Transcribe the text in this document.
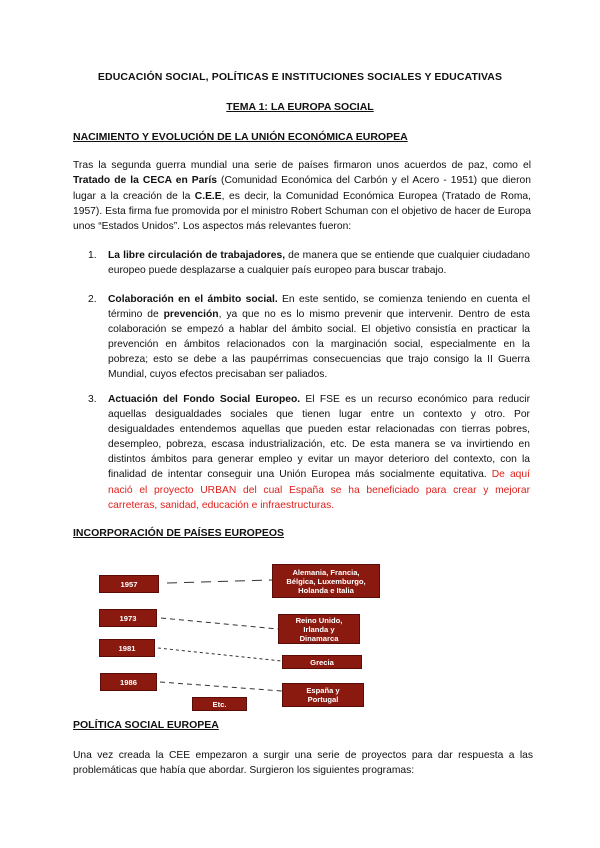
EDUCACIÓN SOCIAL, POLÍTICAS E INSTITUCIONES SOCIALES Y EDUCATIVAS
TEMA 1: LA EUROPA SOCIAL
NACIMIENTO Y EVOLUCIÓN DE LA UNIÓN ECONÓMICA EUROPEA
Tras la segunda guerra mundial una serie de países firmaron unos acuerdos de paz, como el Tratado de la CECA en París (Comunidad Económica del Carbón y el Acero - 1951) que dieron lugar a la creación de la C.E.E, es decir, la Comunidad Económica Europea (Tratado de Roma, 1957). Esta firma fue promovida por el ministro Robert Schuman con el objetivo de hacer de Europa unos “Estados Unidos”. Los aspectos más relevantes fueron:
1.	La libre circulación de trabajadores, de manera que se entiende que cualquier ciudadano europeo puede desplazarse a cualquier país europeo para buscar trabajo.
2.	Colaboración en el ámbito social. En este sentido, se comienza teniendo en cuenta el término de prevención, ya que no es lo mismo prevenir que intervenir. Dentro de esta colaboración se empezó a hablar del ámbito social. El objetivo consistía en practicar la prevención en ámbitos relacionados con la marginación social, especialmente en la pobreza; esto se debe a las paupérrimas consecuencias que trajo consigo la II Guerra Mundial, cuyos efectos precisaban ser paliados.
3.	Actuación del Fondo Social Europeo. El FSE es un recurso económico para reducir aquellas desigualdades sociales que tienen lugar entre un contexto y otro. Por desigualdades entendemos aquellas que pueden estar relacionadas con tierras pobres, desempleo, pobreza, escasa industrialización, etc. De esta manera se va invirtiendo en distintos ámbitos para generar empleo y evitar un mayor deterioro del contexto, con la finalidad de intentar conseguir una Unión Europea más socialmente equitativa. De aquí nació el proyecto URBAN del cual España se ha beneficiado para crear y mejorar carreteras, sanidad, educación e infraestructuras.
INCORPORACIÓN DE PAÍSES EUROPEOS
1957
1973
1981
1986
Etc.
Alemania, Francia, Bélgica, Luxemburgo, Holanda e Italia
Reino Unido, Irlanda y Dinamarca
Grecia
España y Portugal
POLÍTICA SOCIAL EUROPEA
Una vez creada la CEE empezaron a surgir una serie de proyectos para dar respuesta a las problemáticas que había que abordar. Surgieron los siguientes programas:
